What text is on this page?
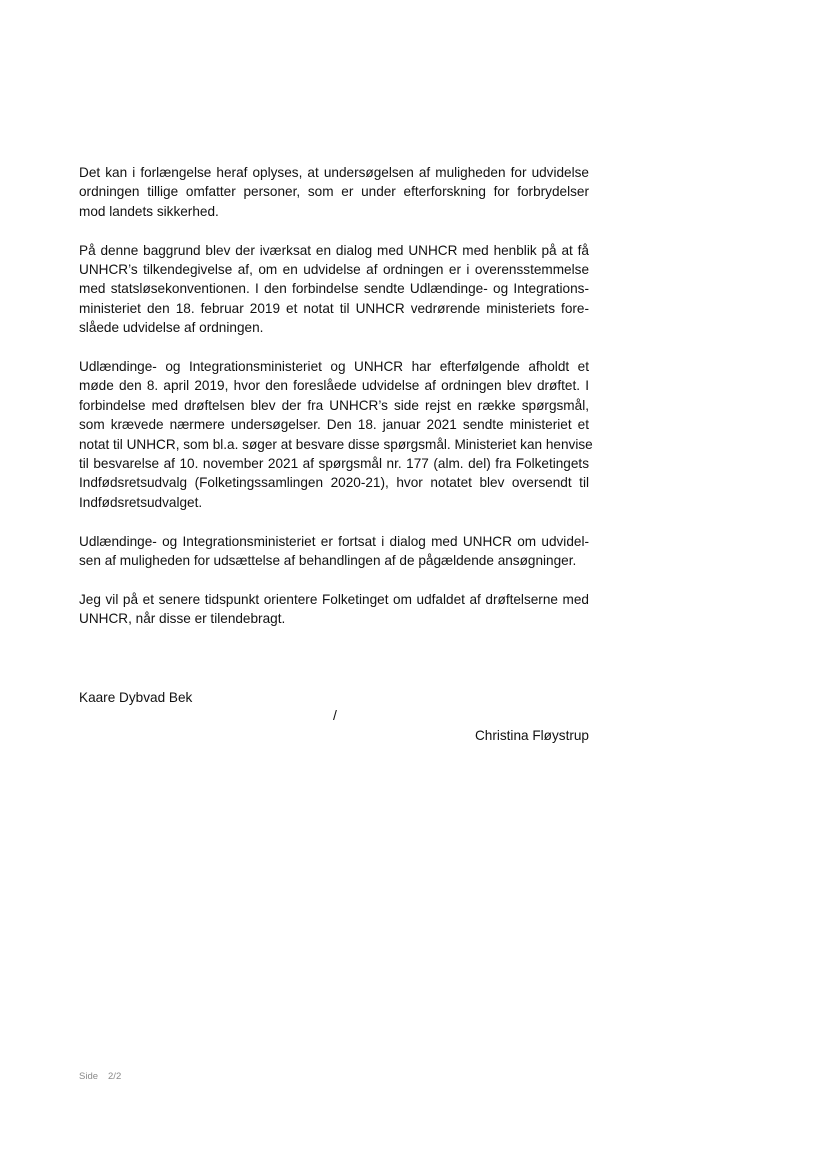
Det kan i forlængelse heraf oplyses, at undersøgelsen af muligheden for udvidelse
ordningen tillige omfatter personer, som er under efterforskning for forbrydelser
mod landets sikkerhed.

På denne baggrund blev der iværksat en dialog med UNHCR med henblik på at få
UNHCR’s tilkendegivelse af, om en udvidelse af ordningen er i overensstemmelse
med statsløsekonventionen. I den forbindelse sendte Udlændinge- og Integrations-
ministeriet den 18. februar 2019 et notat til UNHCR vedrørende ministeriets fore-
slåede udvidelse af ordningen.

Udlændinge- og Integrationsministeriet og UNHCR har efterfølgende afholdt et
møde den 8. april 2019, hvor den foreslåede udvidelse af ordningen blev drøftet. I
forbindelse med drøftelsen blev der fra UNHCR’s side rejst en række spørgsmål,
som krævede nærmere undersøgelser. Den 18. januar 2021 sendte ministeriet et
notat til UNHCR, som bl.a. søger at besvare disse spørgsmål. Ministeriet kan henvise
til besvarelse af 10. november 2021 af spørgsmål nr. 177 (alm. del) fra Folketingets
Indfødsretsudvalg (Folketingssamlingen 2020-21), hvor notatet blev oversendt til
Indfødsretsudvalget.

Udlændinge- og Integrationsministeriet er fortsat i dialog med UNHCR om udvidel-
sen af muligheden for udsættelse af behandlingen af de pågældende ansøgninger.

Jeg vil på et senere tidspunkt orientere Folketinget om udfaldet af drøftelserne med
UNHCR, når disse er tilendebragt.

Kaare Dybvad Bek
/
Christina Fløystrup
Side 2/2
